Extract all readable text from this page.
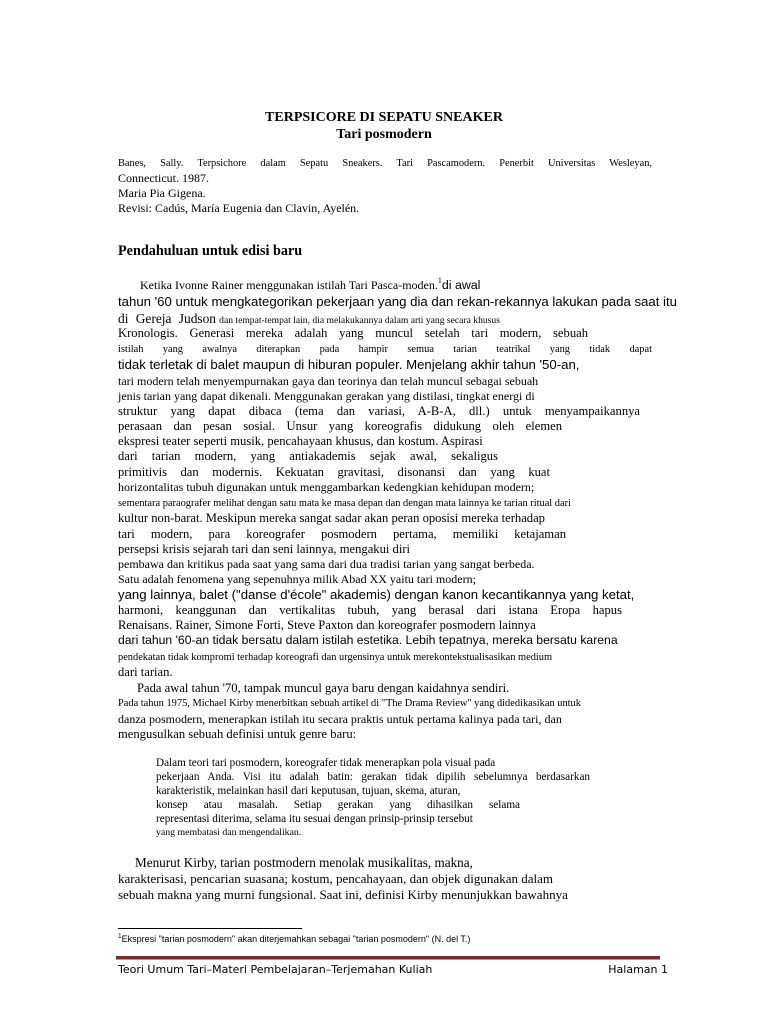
TERPSICORE DI SEPATU SNEAKER
Tari posmodern
Banes, Sally. Terpsichore dalam Sepatu Sneakers. Tari Pascamodern. Penerbit Universitas Wesleyan,
Connecticut. 1987.
Maria Pia Gigena.
Revisi: Cadús, María Eugenia dan Clavin, Ayelén.
Pendahuluan untuk edisi baru
Ketika Ivonne Rainer menggunakan istilah Tari Pasca-moden.$^1$di awal
tahun '60 untuk mengkategorikan pekerjaan yang dia dan rekan-rekannya lakukan pada saat itu
di Gereja Judson dan tempat-tempat lain, dia melakukannya dalam arti yang secara khusus
Kronologis. Generasi mereka adalah yang muncul setelah tari modern, sebuah
istilah yang awalnya diterapkan pada hampir semua tarian teatrikal yang tidak dapat
tidak terletak di balet maupun di hiburan populer. Menjelang akhir tahun '50-an,
tari modern telah menyempurnakan gaya dan teorinya dan telah muncul sebagai sebuah
jenis tarian yang dapat dikenali. Menggunakan gerakan yang distilasi, tingkat energi di
struktur yang dapat dibaca (tema dan variasi, A-B-A, dll.) untuk menyampaikannya
perasaan dan pesan sosial. Unsur yang koreografis didukung oleh elemen
ekspresi teater seperti musik, pencahayaan khusus, dan kostum. Aspirasi
dari tarian modern, yang antiakademis sejak awal, sekaligus
primitivis dan modernis. Kekuatan gravitasi, disonansi dan yang kuat
horizontalitas tubuh digunakan untuk menggambarkan kedengkian kehidupan modern;
sementara paraografer melihat dengan satu mata ke masa depan dan dengan mata lainnya ke tarian ritual dari
kultur non-barat. Meskipun mereka sangat sadar akan peran oposisi mereka terhadap
tari modern, para koreografer posmodern pertama, memiliki ketajaman
persepsi krisis sejarah tari dan seni lainnya, mengakui diri
pembawa dan kritikus pada saat yang sama dari dua tradisi tarian yang sangat berbeda.
Satu adalah fenomena yang sepenuhnya milik Abad XX yaitu tari modern;
yang lainnya, balet ("danse d'école" akademis) dengan kanon kecantikannya yang ketat,
harmoni, keanggunan dan vertikalitas tubuh, yang berasal dari istana Eropa hapus
Renaisans. Rainer, Simone Forti, Steve Paxton dan koreografer posmodern lainnya
dari tahun '60-an tidak bersatu dalam istilah estetika. Lebih tepatnya, mereka bersatu karena
pendekatan tidak kompromi terhadap koreografi dan urgensinya untuk merekontekstualisasikan medium
dari tarian.
Pada awal tahun '70, tampak muncul gaya baru dengan kaidahnya sendiri.
Pada tahun 1975, Michael Kirby menerbitkan sebuah artikel di "The Drama Review" yang didedikasikan untuk
danza posmodern, menerapkan istilah itu secara praktis untuk pertama kalinya pada tari, dan
mengusulkan sebuah definisi untuk genre baru:
Dalam teori tari posmodern, koreografer tidak menerapkan pola visual pada
pekerjaan Anda. Visi itu adalah batin: gerakan tidak dipilih sebelumnya berdasarkan
karakteristik, melainkan hasil dari keputusan, tujuan, skema, aturan,
konsep atau masalah. Setiap gerakan yang dihasilkan selama
representasi diterima, selama itu sesuai dengan prinsip-prinsip tersebut
yang membatasi dan mengendalikan.
Menurut Kirby, tarian postmodern menolak musikalitas, makna,
karakterisasi, pencarian suasana; kostum, pencahayaan, dan objek digunakan dalam
sebuah makna yang murni fungsional. Saat ini, definisi Kirby menunjukkan bawahnya
$^1$Ekspresi "tarian posmodern" akan diterjemahkan sebagai "tarian posmodern" (N. del T.)
Teori Umum Tari–Materi Pembelajaran–Terjemahan Kuliah	Halaman 1
